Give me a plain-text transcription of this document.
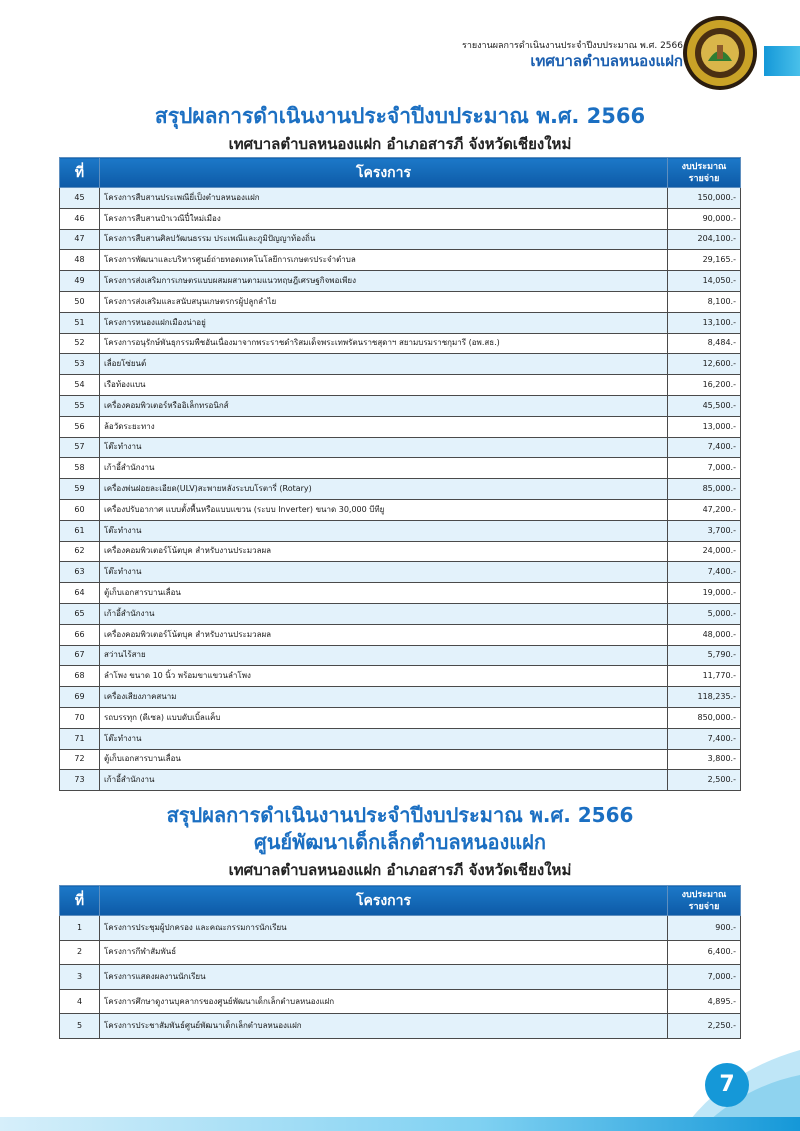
รายงานผลการดำเนินงานประจำปีงบประมาณ พ.ศ. 2566
เทศบาลตำบลหนองแฝก
สรุปผลการดำเนินงานประจำปีงบประมาณ พ.ศ. 2566
เทศบาลตำบลหนองแฝก อำเภอสารภี จังหวัดเชียงใหม่
ที่	โครงการ	งบประมาณ
รายจ่าย

45	โครงการสืบสานประเพณียี่เป็งตำบลหนองแฝก	150,000.-
46	โครงการสืบสานป๋าเวณีปี๋ใหม่เมือง	90,000.-
47	โครงการสืบสานศิลปวัฒนธรรม ประเพณีและภูมิปัญญาท้องถิ่น	204,100.-
48	โครงการพัฒนาและบริหารศูนย์ถ่ายทอดเทคโนโลยีการเกษตรประจำตำบล	29,165.-
49	โครงการส่งเสริมการเกษตรแบบผสมผสานตามแนวทฤษฎีเศรษฐกิจพอเพียง	14,050.-
50	โครงการส่งเสริมและสนับสนุนเกษตรกรผู้ปลูกลำไย	8,100.-
51	โครงการหนองแฝกเมืองน่าอยู่	13,100.-
52	โครงการอนุรักษ์พันธุกรรมพืชอันเนื่องมาจากพระราชดำริสมเด็จพระเทพรัตนราชสุดาฯ สยามบรมราชกุมารี (อพ.สธ.)	8,484.-
53	เลื่อยโซ่ยนต์	12,600.-
54	เรือท้องแบน	16,200.-
55	เครื่องคอมพิวเตอร์หรืออิเล็กทรอนิกส์	45,500.-
56	ล้อวัดระยะทาง	13,000.-
57	โต๊ะทำงาน	7,400.-
58	เก้าอี้สำนักงาน	7,000.-
59	เครื่องพ่นฝอยละเอียด(ULV)สะพายหลังระบบโรตารี่ (Rotary)	85,000.-
60	เครื่องปรับอากาศ แบบตั้งพื้นหรือแบบแขวน (ระบบ Inverter) ขนาด 30,000 บีทียู	47,200.-
61	โต๊ะทำงาน	3,700.-
62	เครื่องคอมพิวเตอร์โน้ตบุค สำหรับงานประมวลผล	24,000.-
63	โต๊ะทำงาน	7,400.-
64	ตู้เก็บเอกสารบานเลื่อน	19,000.-
65	เก้าอี้สำนักงาน	5,000.-
66	เครื่องคอมพิวเตอร์โน้ตบุค สำหรับงานประมวลผล	48,000.-
67	สว่านไร้สาย	5,790.-
68	ลำโพง ขนาด 10 นิ้ว พร้อมขาแขวนลำโพง	11,770.-
69	เครื่องเสียงภาคสนาม	118,235.-
70	รถบรรทุก (ดีเซล) แบบดับเบิ้ลแค็บ	850,000.-
71	โต๊ะทำงาน	7,400.-
72	ตู้เก็บเอกสารบานเลื่อน	3,800.-
73	เก้าอี้สำนักงาน	2,500.-
สรุปผลการดำเนินงานประจำปีงบประมาณ พ.ศ. 2566
ศูนย์พัฒนาเด็กเล็กตำบลหนองแฝก
เทศบาลตำบลหนองแฝก อำเภอสารภี จังหวัดเชียงใหม่
ที่	โครงการ	งบประมาณ
รายจ่าย

1	โครงการประชุมผู้ปกครอง และคณะกรรมการนักเรียน	900.-
2	โครงการกีฬาสัมพันธ์	6,400.-
3	โครงการแสดงผลงานนักเรียน	7,000.-
4	โครงการศึกษาดูงานบุคลากรของศูนย์พัฒนาเด็กเล็กตำบลหนองแฝก	4,895.-
5	โครงการประชาสัมพันธ์ศูนย์พัฒนาเด็กเล็กตำบลหนองแฝก	2,250.-
7
